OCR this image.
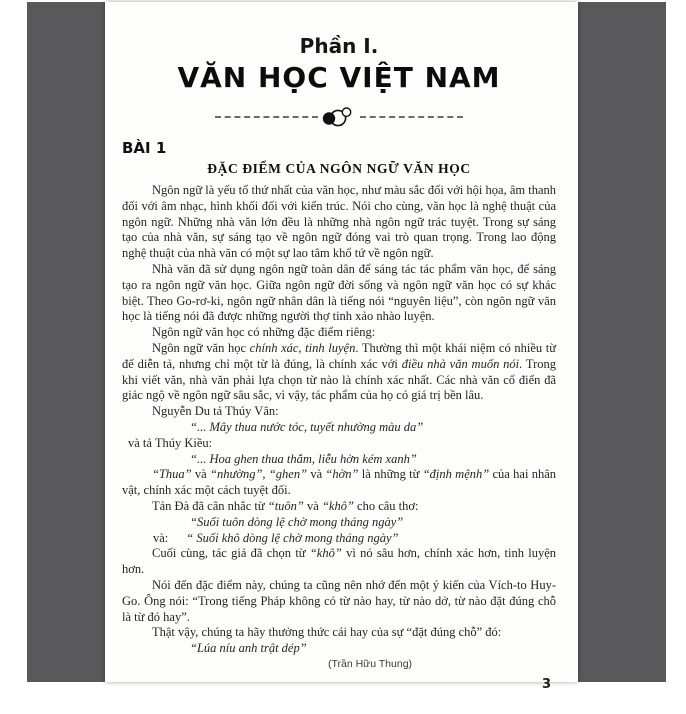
Phần I.
VĂN HỌC VIỆT NAM
BÀI 1
ĐẶC ĐIỂM CỦA NGÔN NGỮ VĂN HỌC

Ngôn ngữ là yếu tố thứ nhất của văn học, như màu sắc đối với hội họa, âm thanh đối với âm nhạc, hình khối đối với kiến trúc. Nói cho cùng, văn học là nghệ thuật của ngôn ngữ. Những nhà văn lớn đều là những nhà ngôn ngữ trác tuyệt. Trong sự sáng tạo của nhà văn, sự sáng tạo về ngôn ngữ đóng vai trò quan trọng. Trong lao động nghệ thuật của nhà văn có một sự lao tâm khổ tứ về ngôn ngữ.

Nhà văn đã sử dụng ngôn ngữ toàn dân để sáng tác tác phẩm văn học, để sáng tạo ra ngôn ngữ văn học. Giữa ngôn ngữ đời sống và ngôn ngữ văn học có sự khác biệt. Theo Go-rơ-ki, ngôn ngữ nhân dân là tiếng nói “nguyên liệu”, còn ngôn ngữ văn học là tiếng nói đã được những người thợ tinh xảo nhào luyện.

Ngôn ngữ văn học có những đặc điểm riêng:

Ngôn ngữ văn học chính xác, tinh luyện. Thường thì một khái niệm có nhiều từ để diễn tả, nhưng chỉ một từ là đúng, là chính xác với điều nhà văn muốn nói. Trong khi viết văn, nhà văn phải lựa chọn từ nào là chính xác nhất. Các nhà văn cổ điển đã giác ngộ về ngôn ngữ sâu sắc, vì vậy, tác phẩm của họ có giá trị bền lâu.

Nguyễn Du tả Thúy Vân:

“... Mây thua nước tóc, tuyết nhường màu da”

và tả Thúy Kiều:

“... Hoa ghen thua thắm, liễu hờn kém xanh”

“Thua” và “nhường”, “ghen” và “hờn” là những từ “định mệnh” của hai nhân vật, chính xác một cách tuyệt đối.

Tản Đà đã cân nhắc từ “tuôn” và “khô” cho câu thơ:

“Suối tuôn dòng lệ chờ mong tháng ngày”

và: “ Suối khô dòng lệ chờ mong tháng ngày”

Cuối cùng, tác giả đã chọn từ “khô” vì nó sâu hơn, chính xác hơn, tinh luyện hơn.

Nói đến đặc điểm này, chúng ta cũng nên nhớ đến một ý kiến của Vích-to Huy-Go. Ông nói: “Trong tiếng Pháp không có từ nào hay, từ nào dở, từ nào đặt đúng chỗ là từ đó hay”.

Thật vậy, chúng ta hãy thưởng thức cái hay của sự “đặt đúng chỗ” đó:

“Lúa níu anh trật dép”

(Trần Hữu Thung)

3
